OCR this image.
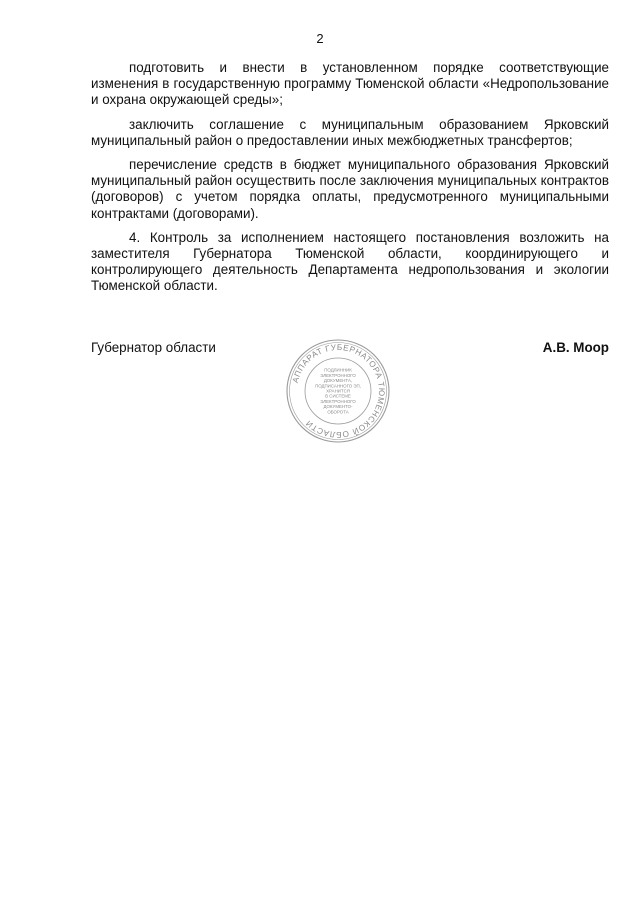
2

подготовить и внести в установленном порядке соответствующие изменения в государственную программу Тюменской области «Недропользование и охрана окружающей среды»;

заключить соглашение с муниципальным образованием Ярковский муниципальный район о предоставлении иных межбюджетных трансфертов;

перечисление средств в бюджет муниципального образования Ярковский муниципальный район осуществить после заключения муниципальных контрактов (договоров) с учетом порядка оплаты, предусмотренного муниципальными контрактами (договорами).

4. Контроль за исполнением настоящего постановления возложить на заместителя Губернатора Тюменской области, координирующего и контролирующего деятельность Департамента недропользования и экологии Тюменской области.

Губернатор области	А.В. Моор
АППАРАТ ГУБЕРНАТОРА ТЮМЕНСКОЙ ОБЛАСТИ
ПОДЛИННИК
ЭЛЕКТРОННОГО
ДОКУМЕНТА,
ПОДПИСАННОГО ЭП,
ХРАНИТСЯ
В СИСТЕМЕ
ЭЛЕКТРОННОГО
ДОКУМЕНТО-
ОБОРОТА
